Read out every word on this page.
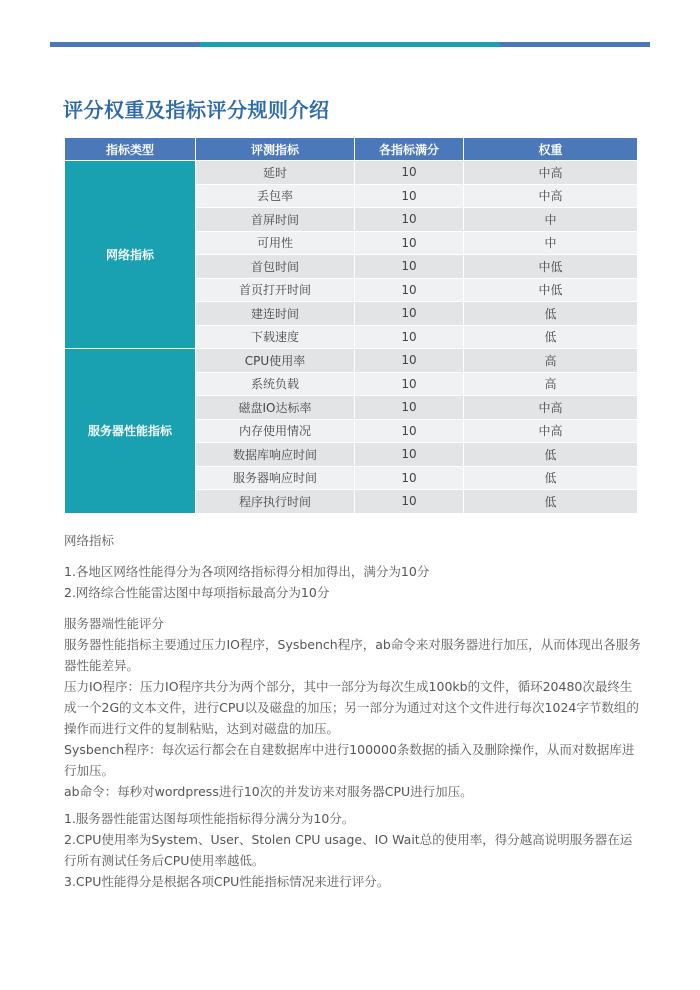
评分权重及指标评分规则介绍
指标类型	评测指标	各指标满分	权重
网络指标	延时	10	中高
	丢包率	10	中高
	首屏时间	10	中
	可用性	10	中
	首包时间	10	中低
	首页打开时间	10	中低
	建连时间	10	低
	下载速度	10	低
服务器性能指标	CPU使用率	10	高
	系统负载	10	高
	磁盘IO达标率	10	中高
	内存使用情况	10	中高
	数据库响应时间	10	低
	服务器响应时间	10	低
	程序执行时间	10	低

网络指标

1.各地区网络性能得分为各项网络指标得分相加得出，满分为10分

2.网络综合性能雷达图中每项指标最高分为10分

服务器端性能评分

服务器性能指标主要通过压力IO程序，Sysbench程序，ab命令来对服务器进行加压，从而体现出各服务器性能差异。

压力IO程序：压力IO程序共分为两个部分，其中一部分为每次生成100kb的文件，循环20480次最终生成一个2G的文本文件，进行CPU以及磁盘的加压；另一部分为通过对这个文件进行每次1024字节数组的操作而进行文件的复制粘贴，达到对磁盘的加压。

Sysbench程序：每次运行都会在自建数据库中进行100000条数据的插入及删除操作，从而对数据库进行加压。

ab命令：每秒对wordpress进行10次的并发访来对服务器CPU进行加压。

1.服务器性能雷达图每项性能指标得分满分为10分。

2.CPU使用率为System、User、Stolen CPU usage、IO Wait总的使用率，得分越高说明服务器在运行所有测试任务后CPU使用率越低。

3.CPU性能得分是根据各项CPU性能指标情况来进行评分。
